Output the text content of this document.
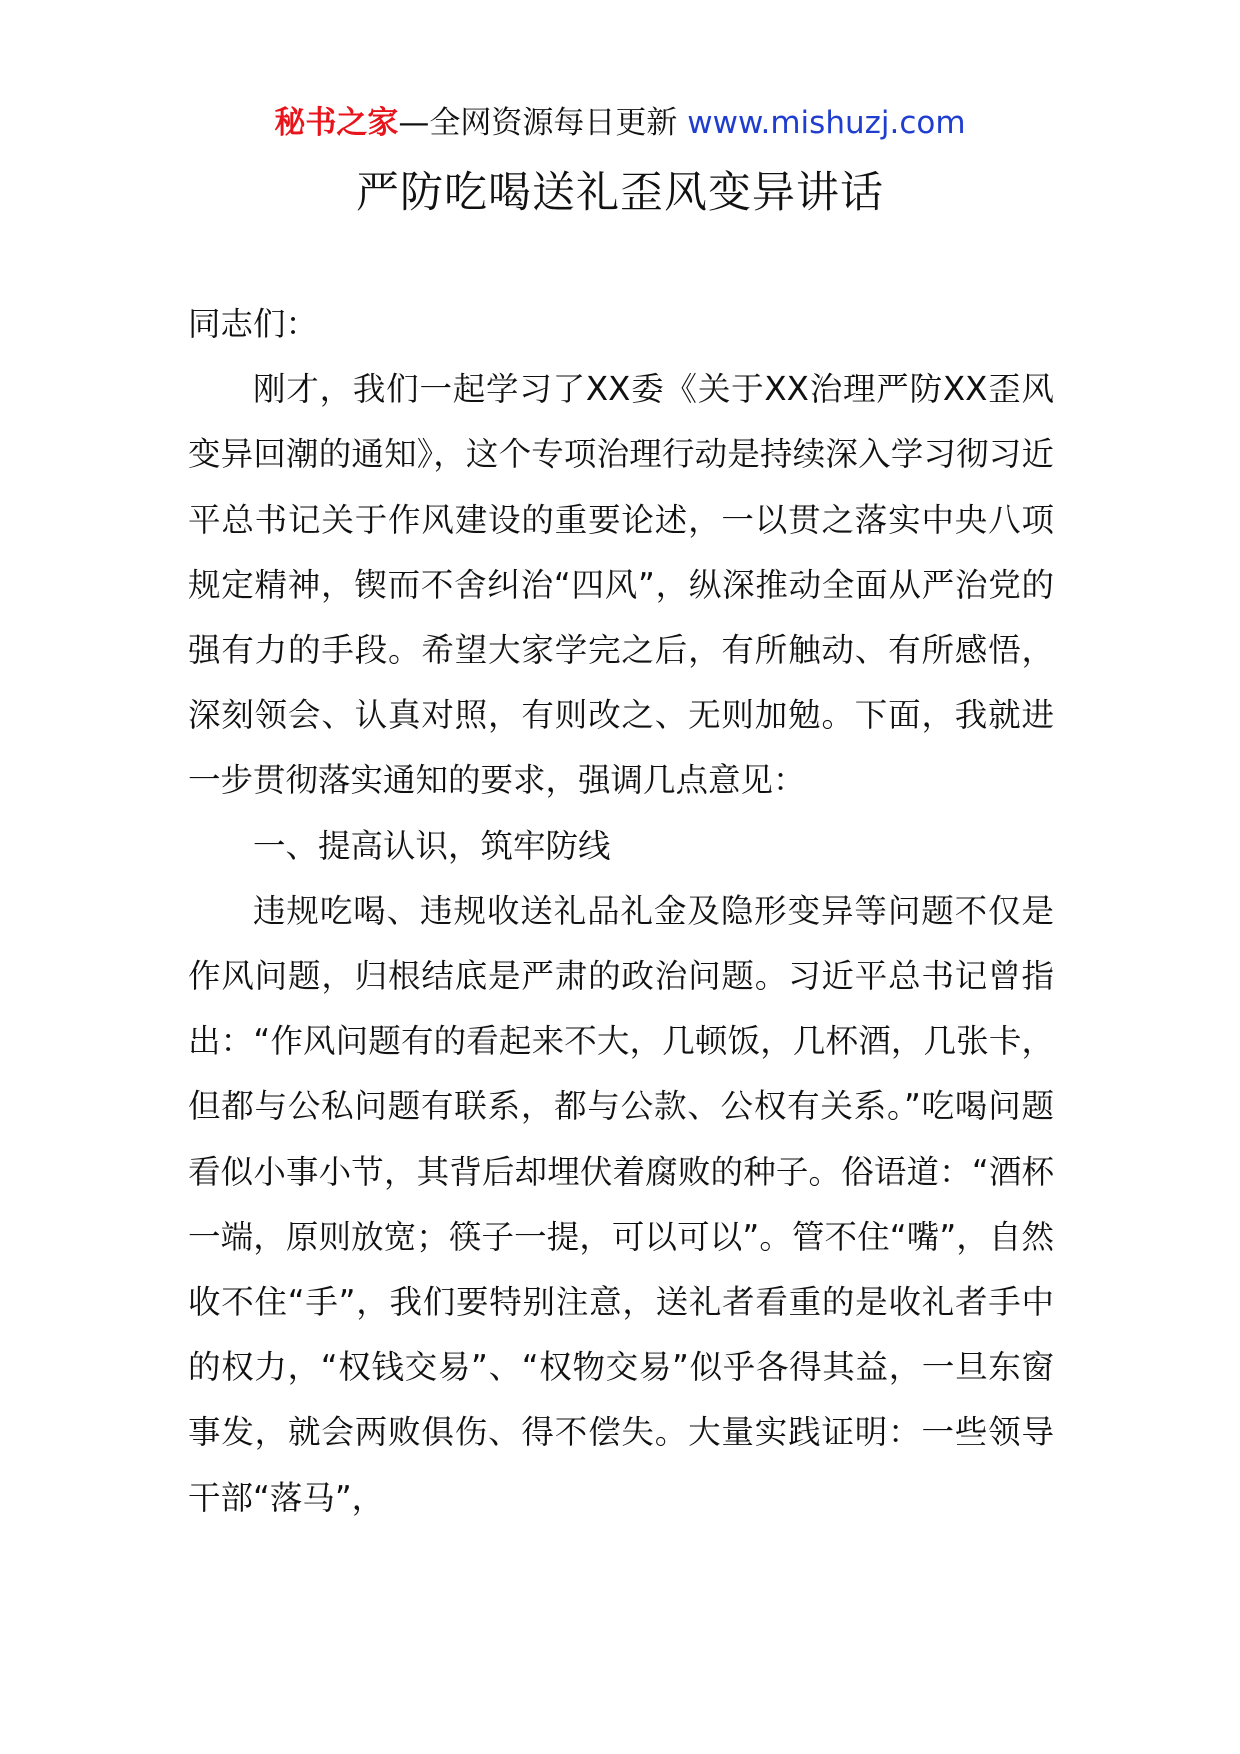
秘书之家—全网资源每日更新 www.mishuzj.com
严防吃喝送礼歪风变异讲话

同志们：

刚才，我们一起学习了XX委《关于XX治理严防XX歪风变异回潮的通知》，这个专项治理行动是持续深入学习彻习近平总书记关于作风建设的重要论述，一以贯之落实中央八项规定精神，锲而不舍纠治“四风”，纵深推动全面从严治党的强有力的手段。希望大家学完之后，有所触动、有所感悟，深刻领会、认真对照，有则改之、无则加勉。下面，我就进一步贯彻落实通知的要求，强调几点意见：

一、提高认识，筑牢防线

违规吃喝、违规收送礼品礼金及隐形变异等问题不仅是作风问题，归根结底是严肃的政治问题。习近平总书记曾指出：“作风问题有的看起来不大，几顿饭，几杯酒，几张卡，但都与公私问题有联系，都与公款、公权有关系。”吃喝问题看似小事小节，其背后却埋伏着腐败的种子。俗语道：“酒杯一端，原则放宽；筷子一提，可以可以”。管不住“嘴”，自然收不住“手”，我们要特别注意，送礼者看重的是收礼者手中的权力，“权钱交易”、“权物交易”似乎各得其益，一旦东窗事发，就会两败俱伤、得不偿失。大量实践证明：一些领导干部“落马”，
